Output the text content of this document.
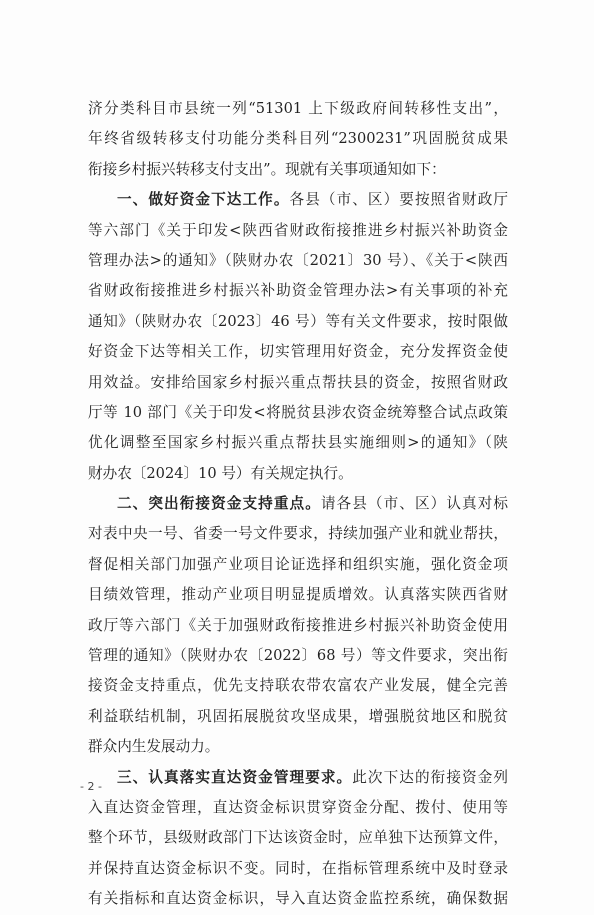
济分类科目市县统一列“51301 上下级政府间转移性支出”，
年终省级转移支付功能分类科目列“2300231”巩固脱贫成果
衔接乡村振兴转移支付支出”。现就有关事项通知如下：
一、做好资金下达工作。各县（市、区）要按照省财政厅
等六部门《关于印发<陕西省财政衔接推进乡村振兴补助资金
管理办法>的通知》（陕财办农〔2021〕30 号）、《关于<陕西
省财政衔接推进乡村振兴补助资金管理办法>有关事项的补充
通知》（陕财办农〔2023〕46 号）等有关文件要求，按时限做
好资金下达等相关工作，切实管理用好资金，充分发挥资金使
用效益。安排给国家乡村振兴重点帮扶县的资金，按照省财政
厅等 10 部门《关于印发<将脱贫县涉农资金统筹整合试点政策
优化调整至国家乡村振兴重点帮扶县实施细则>的通知》（陕
财办农〔2024〕10 号）有关规定执行。
二、突出衔接资金支持重点。请各县（市、区）认真对标
对表中央一号、省委一号文件要求，持续加强产业和就业帮扶，
督促相关部门加强产业项目论证选择和组织实施，强化资金项
目绩效管理，推动产业项目明显提质增效。认真落实陕西省财
政厅等六部门《关于加强财政衔接推进乡村振兴补助资金使用
管理的通知》（陕财办农〔2022〕68 号）等文件要求，突出衔
接资金支持重点，优先支持联农带农富农产业发展，健全完善
利益联结机制，巩固拓展脱贫攻坚成果，增强脱贫地区和脱贫
群众内生发展动力。
三、认真落实直达资金管理要求。此次下达的衔接资金列
入直达资金管理，直达资金标识贯穿资金分配、拨付、使用等
整个环节，县级财政部门下达该资金时，应单独下达预算文件，
并保持直达资金标识不变。同时，在指标管理系统中及时登录
有关指标和直达资金标识，导入直达资金监控系统，确保数据
- 2 -
